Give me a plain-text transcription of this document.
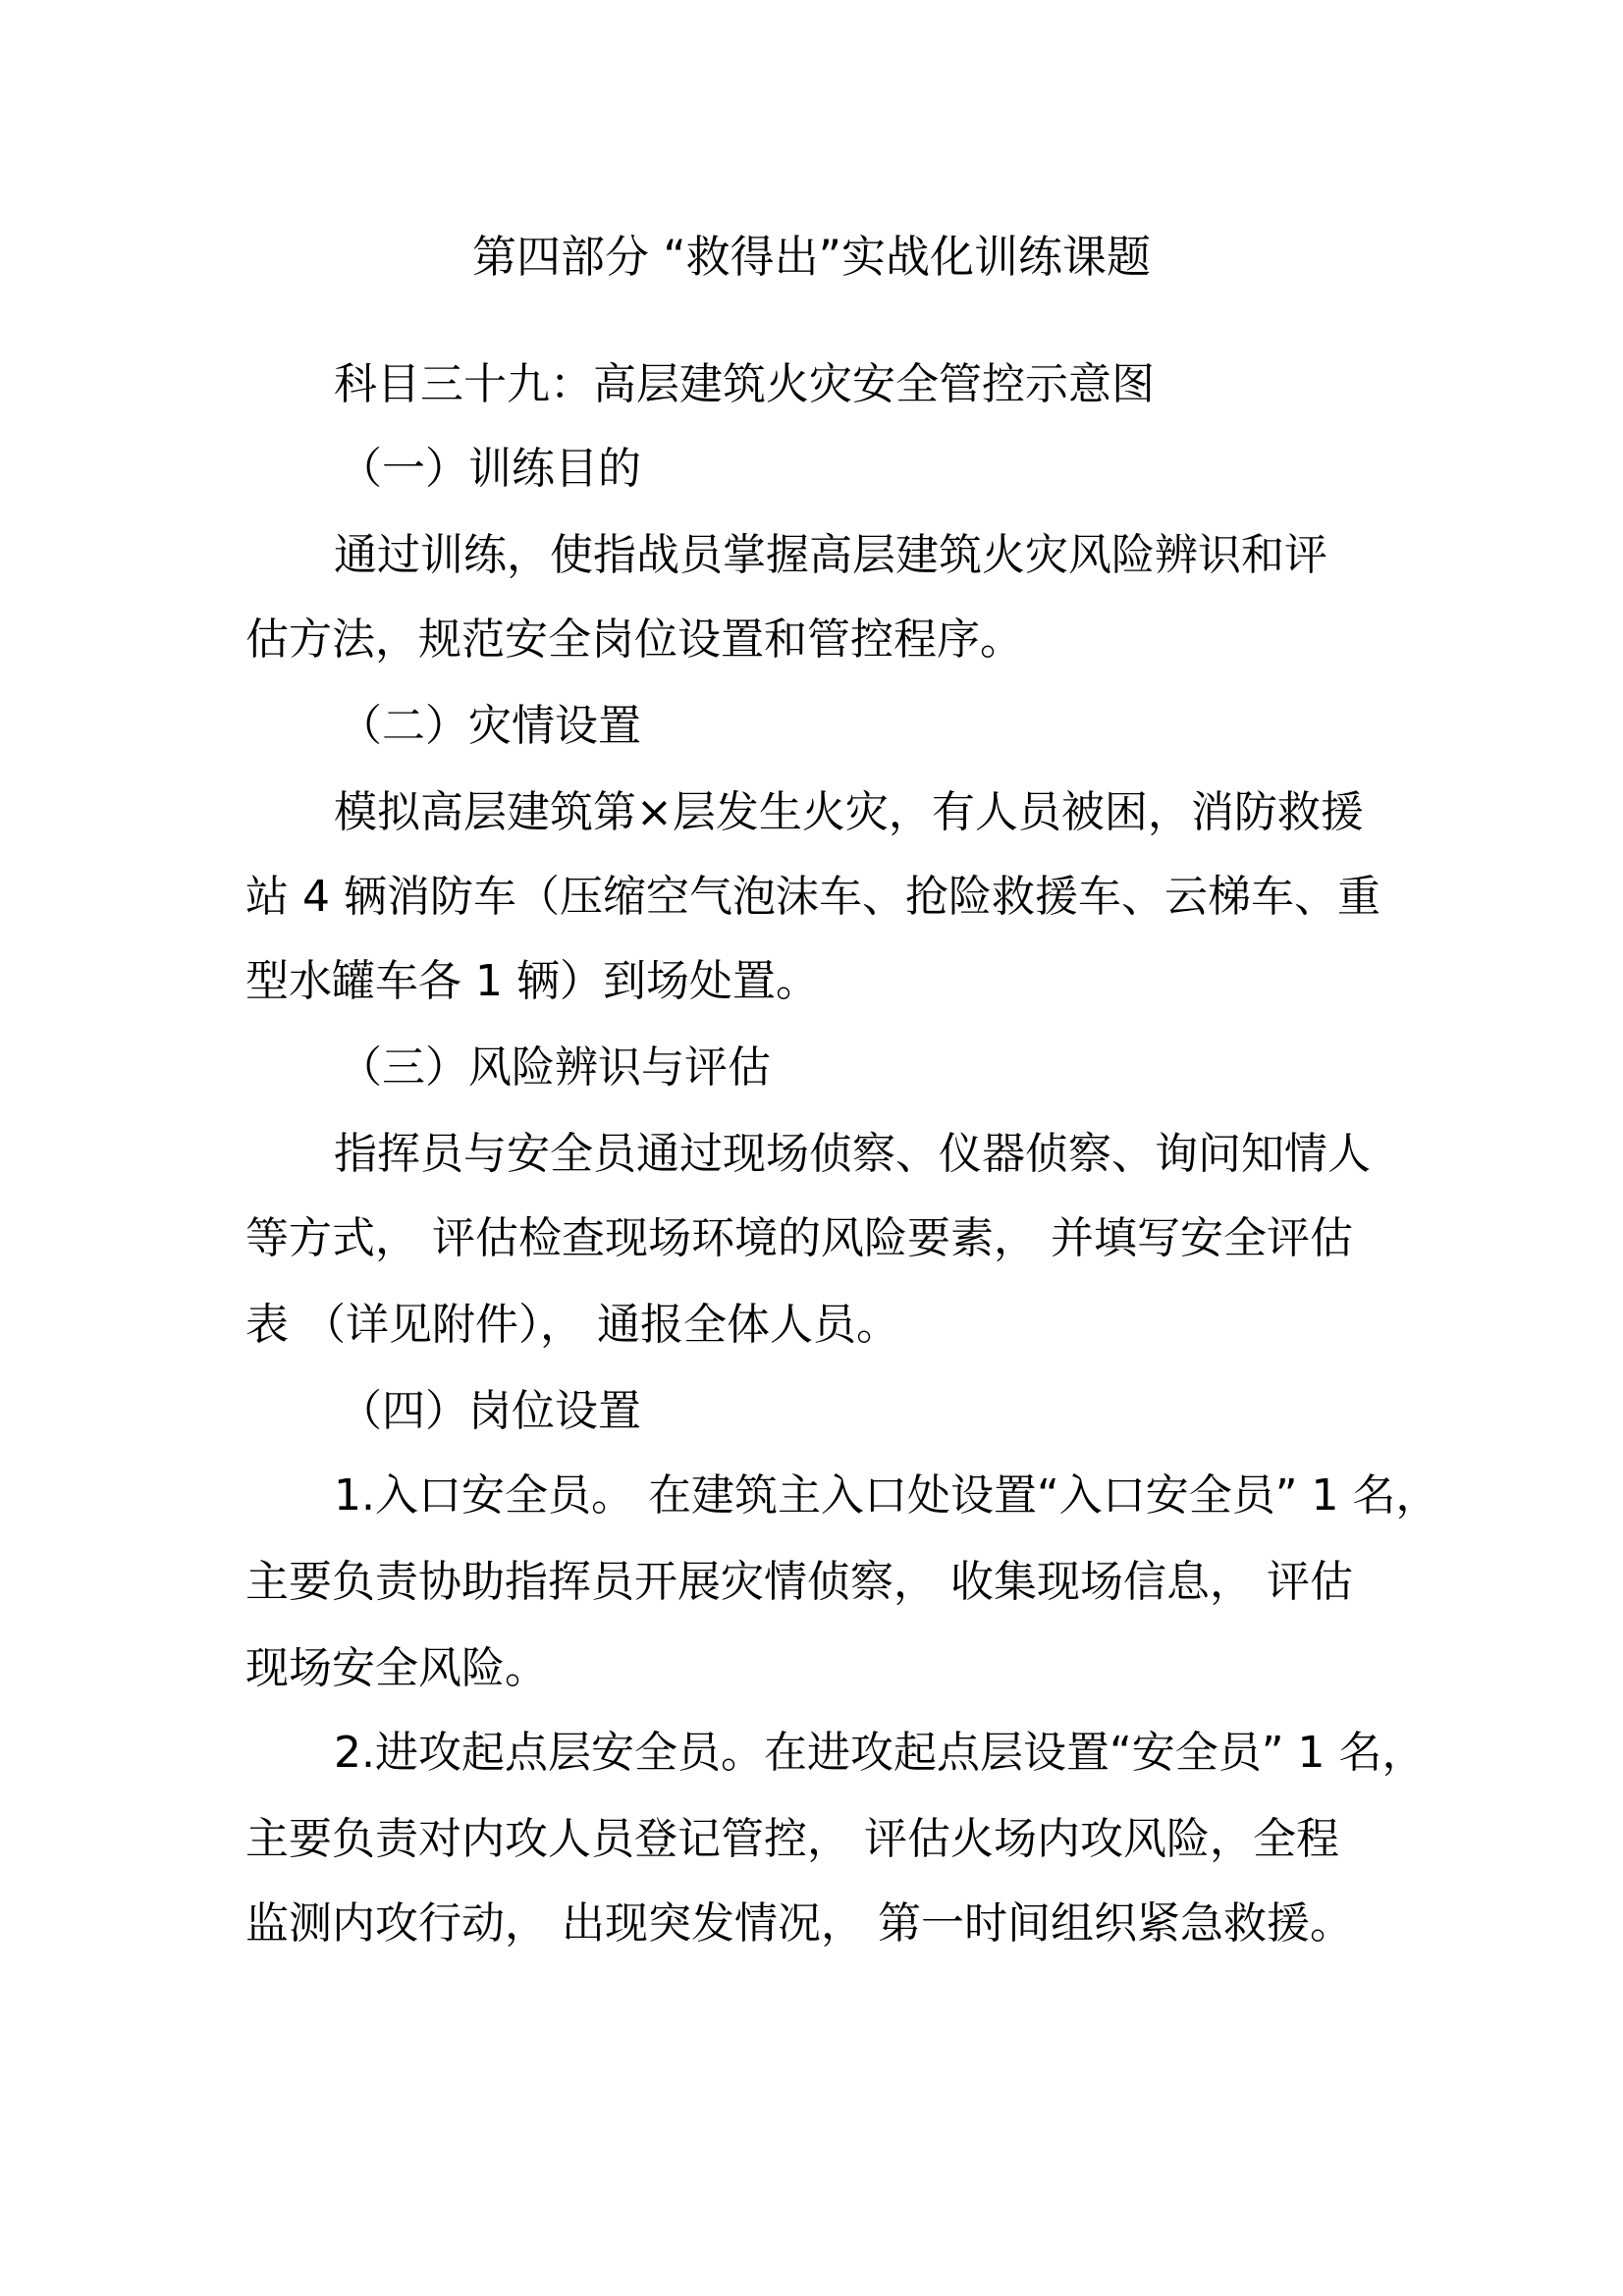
第四部分 “救得出”实战化训练课题
科目三十九：高层建筑火灾安全管控示意图
（一）训练目的
通过训练，使指战员掌握高层建筑火灾风险辨识和评
估方法，规范安全岗位设置和管控程序。
（二）灾情设置
模拟高层建筑第×层发生火灾，有人员被困，消防救援
站 4 辆消防车（压缩空气泡沫车、抢险救援车、云梯车、重
型水罐车各 1 辆）到场处置。
（三）风险辨识与评估
指挥员与安全员通过现场侦察、仪器侦察、询问知情人
等方式， 评估检查现场环境的风险要素， 并填写安全评估
表 （详见附件）， 通报全体人员。
（四）岗位设置
1.入口安全员。 在建筑主入口处设置“入口安全员” 1 名，
主要负责协助指挥员开展灾情侦察， 收集现场信息， 评估
现场安全风险。
2.进攻起点层安全员。在进攻起点层设置“安全员” 1 名，
主要负责对内攻人员登记管控， 评估火场内攻风险，全程
监测内攻行动， 出现突发情况， 第一时间组织紧急救援。
